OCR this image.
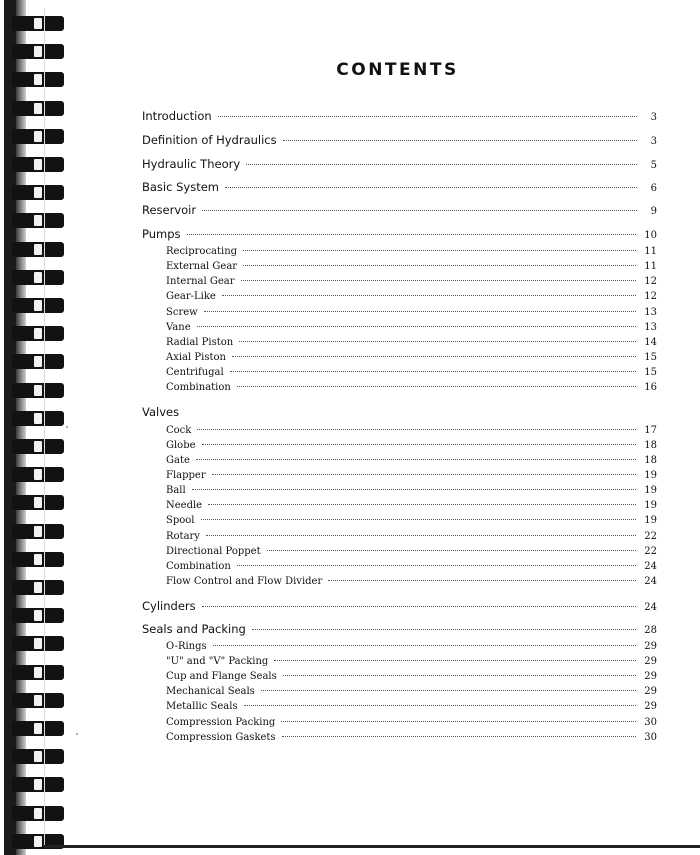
CONTENTS
Introduction	3
Definition of Hydraulics	3
Hydraulic Theory	5
Basic System	6
Reservoir	9
Pumps	10
Reciprocating	11
External Gear	11
Internal Gear	12
Gear-Like	12
Screw	13
Vane	13
Radial Piston	14
Axial Piston	15
Centrifugal	15
Combination	16
Valves
Cock	17
Globe	18
Gate	18
Flapper	19
Ball	19
Needle	19
Spool	19
Rotary	22
Directional Poppet	22
Combination	24
Flow Control and Flow Divider	24
Cylinders	24
Seals and Packing	28
O-Rings	29
"U" and "V" Packing	29
Cup and Flange Seals	29
Mechanical Seals	29
Metallic Seals	29
Compression Packing	30
Compression Gaskets	30
